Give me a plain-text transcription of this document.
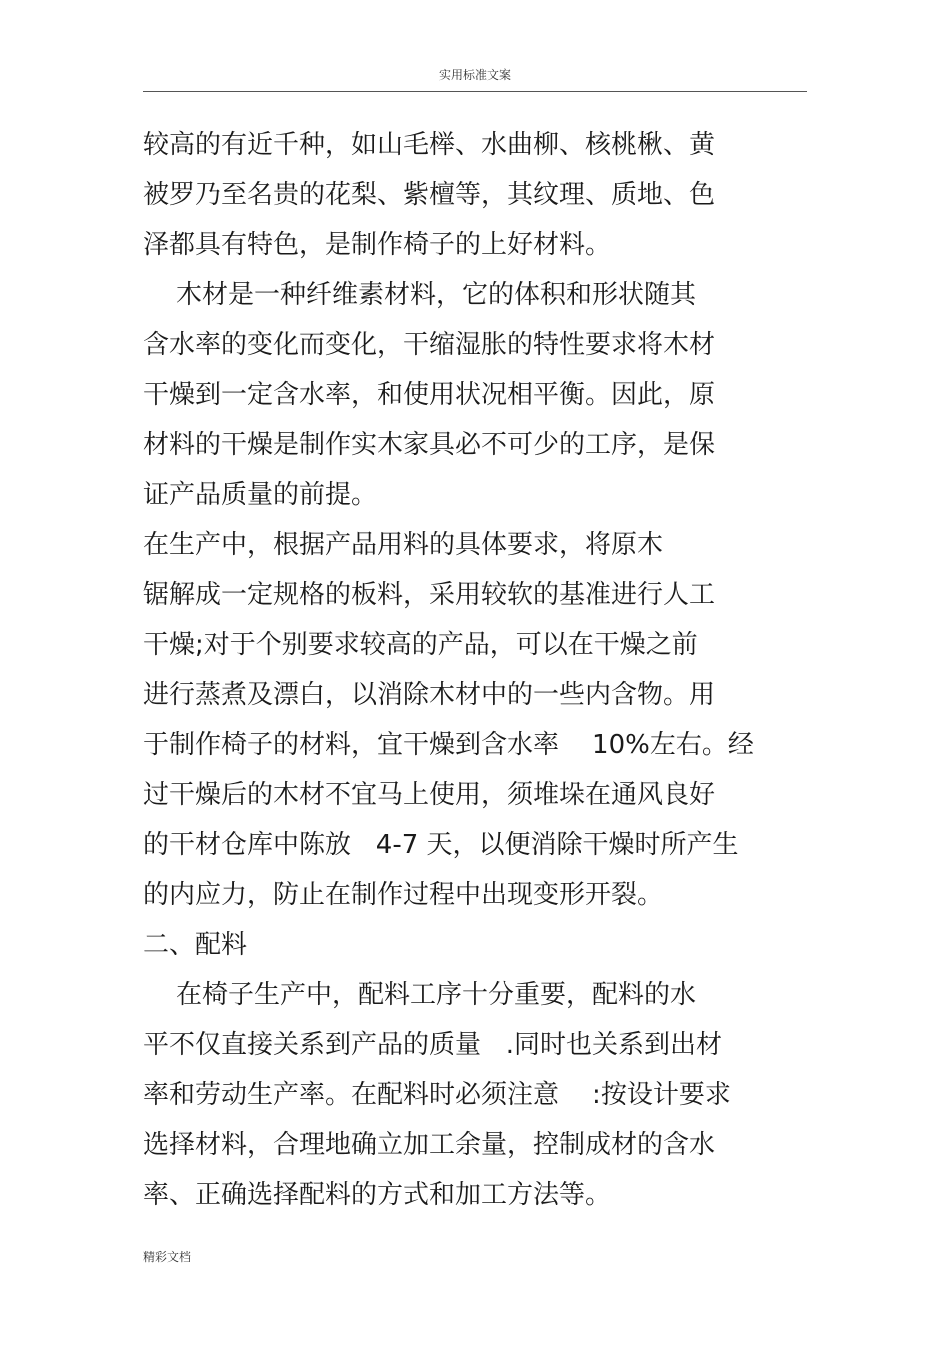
实用标准文案
较高的有近千种，如山毛榉、水曲柳、核桃楸、黄
被罗乃至名贵的花梨、紫檀等，其纹理、质地、色
泽都具有特色，是制作椅子的上好材料。
木材是一种纤维素材料，它的体积和形状随其
含水率的变化而变化，干缩湿胀的特性要求将木材
干燥到一定含水率，和使用状况相平衡。因此，原
材料的干燥是制作实木家具必不可少的工序，是保
证产品质量的前提。
在生产中，根据产品用料的具体要求，将原木
锯解成一定规格的板料，采用较软的基准进行人工
干燥;对于个别要求较高的产品，可以在干燥之前
进行蒸煮及漂白，以消除木材中的一些内含物。用
于制作椅子的材料，宜干燥到含水率    10%左右。经
过干燥后的木材不宜马上使用，须堆垛在通风良好
的干材仓库中陈放   4-7 天，以便消除干燥时所产生
的内应力，防止在制作过程中出现变形开裂。
二、配料
在椅子生产中，配料工序十分重要，配料的水
平不仅直接关系到产品的质量   .同时也关系到出材
率和劳动生产率。在配料时必须注意    :按设计要求
选择材料，合理地确立加工余量，控制成材的含水
率、正确选择配料的方式和加工方法等。
精彩文档
